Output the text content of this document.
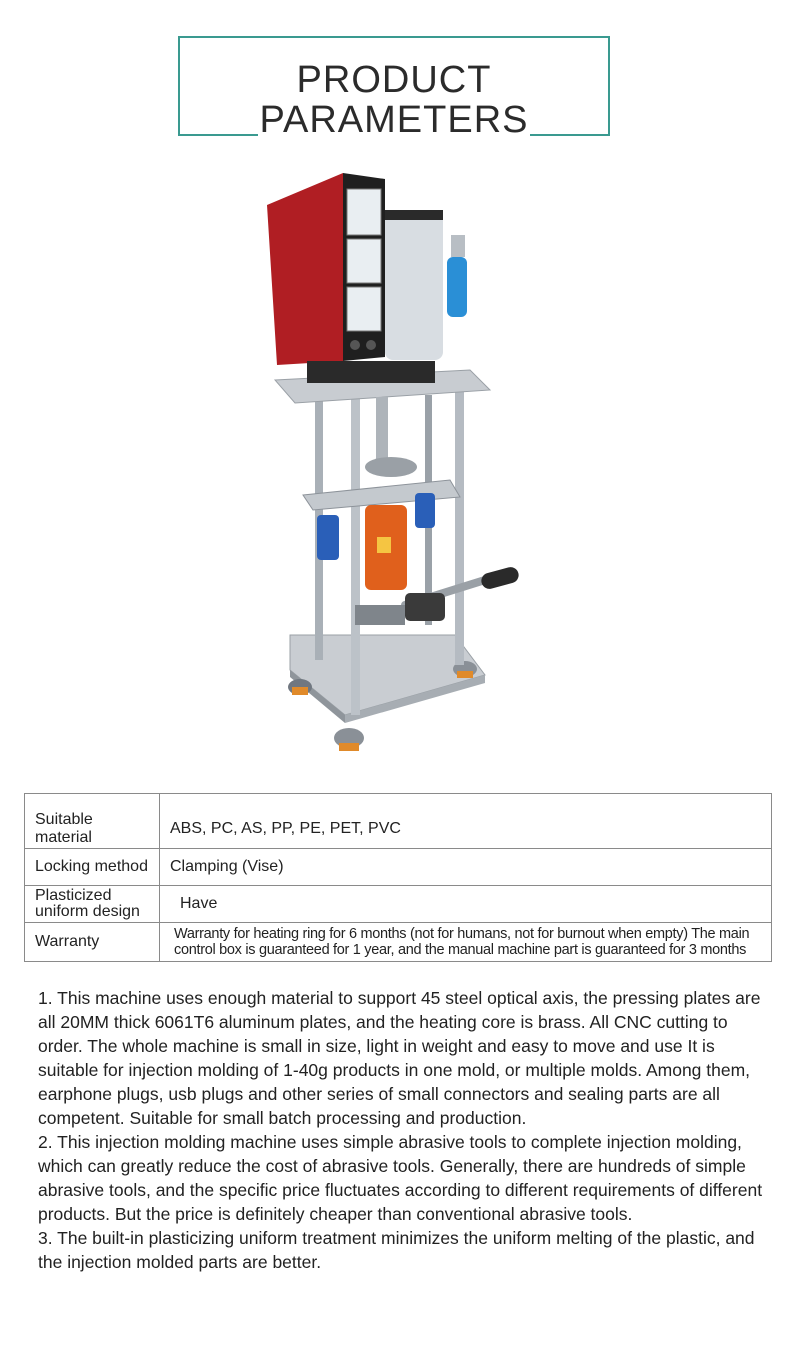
PRODUCT
PARAMETERS
Suitable material	ABS, PC, AS, PP, PE, PET, PVC
Locking method	Clamping (Vise)
Plasticized
uniform design	Have
Warranty	Warranty for heating ring for 6 months (not for humans, not for burnout when empty) The main
control box is guaranteed for 1 year, and the manual machine part is guaranteed for 3 months

1. This machine uses enough material to support 45 steel optical axis, the pressing plates are all 20MM thick 6061T6 aluminum plates, and the heating core is brass. All CNC cutting to order. The whole machine is small in size, light in weight and easy to move and use It is suitable for injection molding of 1-40g products in one mold, or multiple molds. Among them, earphone plugs, usb plugs and other series of small connectors and sealing parts are all competent. Suitable for small batch processing and production.

2. This injection molding machine uses simple abrasive tools to complete injection molding, which can greatly reduce the cost of abrasive tools. Generally, there are hundreds of simple abrasive tools, and the specific price fluctuates according to different requirements of different products. But the price is definitely cheaper than conventional abrasive tools.

3. The built-in plasticizing uniform treatment minimizes the uniform melting of the plastic, and the injection molded parts are better.
